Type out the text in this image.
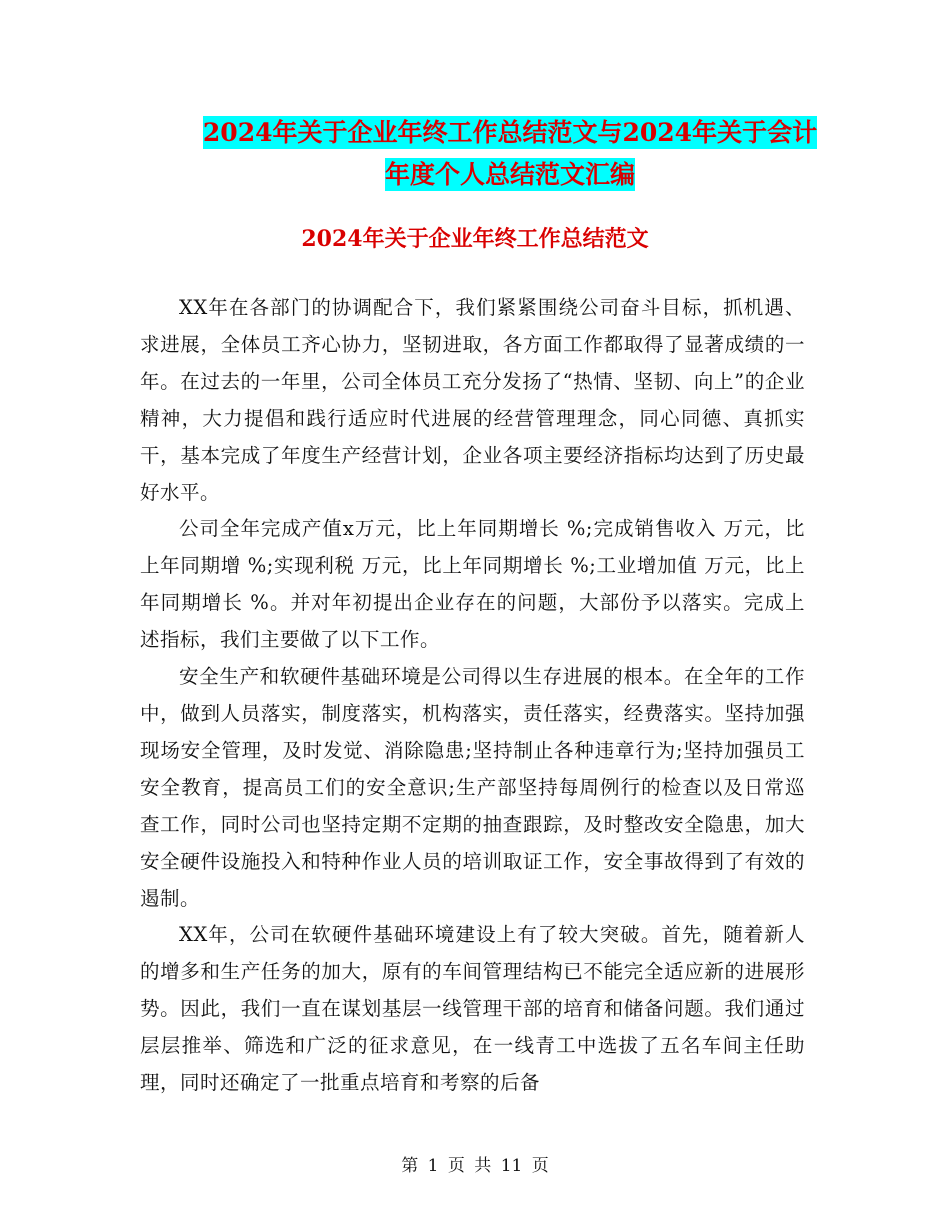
2024年关于企业年终工作总结范文与2024年关于会计
年度个人总结范文汇编
2024年关于企业年终工作总结范文

XX年在各部门的协调配合下，我们紧紧围绕公司奋斗目标，抓机遇、求进展，全体员工齐心协力，坚韧进取，各方面工作都取得了显著成绩的一年。在过去的一年里，公司全体员工充分发扬了“热情、坚韧、向上”的企业精神，大力提倡和践行适应时代进展的经营管理理念，同心同德、真抓实干，基本完成了年度生产经营计划，企业各项主要经济指标均达到了历史最好水平。

公司全年完成产值x万元，比上年同期增长 %;完成销售收入 万元，比上年同期增 %;实现利税 万元，比上年同期增长 %;工业增加值 万元，比上年同期增长 %。并对年初提出企业存在的问题，大部份予以落实。完成上述指标，我们主要做了以下工作。

安全生产和软硬件基础环境是公司得以生存进展的根本。在全年的工作中，做到人员落实，制度落实，机构落实，责任落实，经费落实。坚持加强现场安全管理，及时发觉、消除隐患;坚持制止各种违章行为;坚持加强员工安全教育，提高员工们的安全意识;生产部坚持每周例行的检查以及日常巡查工作，同时公司也坚持定期不定期的抽查跟踪，及时整改安全隐患，加大安全硬件设施投入和特种作业人员的培训取证工作，安全事故得到了有效的遏制。

XX年，公司在软硬件基础环境建设上有了较大突破。首先，随着新人的增多和生产任务的加大，原有的车间管理结构已不能完全适应新的进展形势。因此，我们一直在谋划基层一线管理干部的培育和储备问题。我们通过层层推举、筛选和广泛的征求意见，在一线青工中选拔了五名车间主任助理，同时还确定了一批重点培育和考察的后备

第 1 页 共 11 页
